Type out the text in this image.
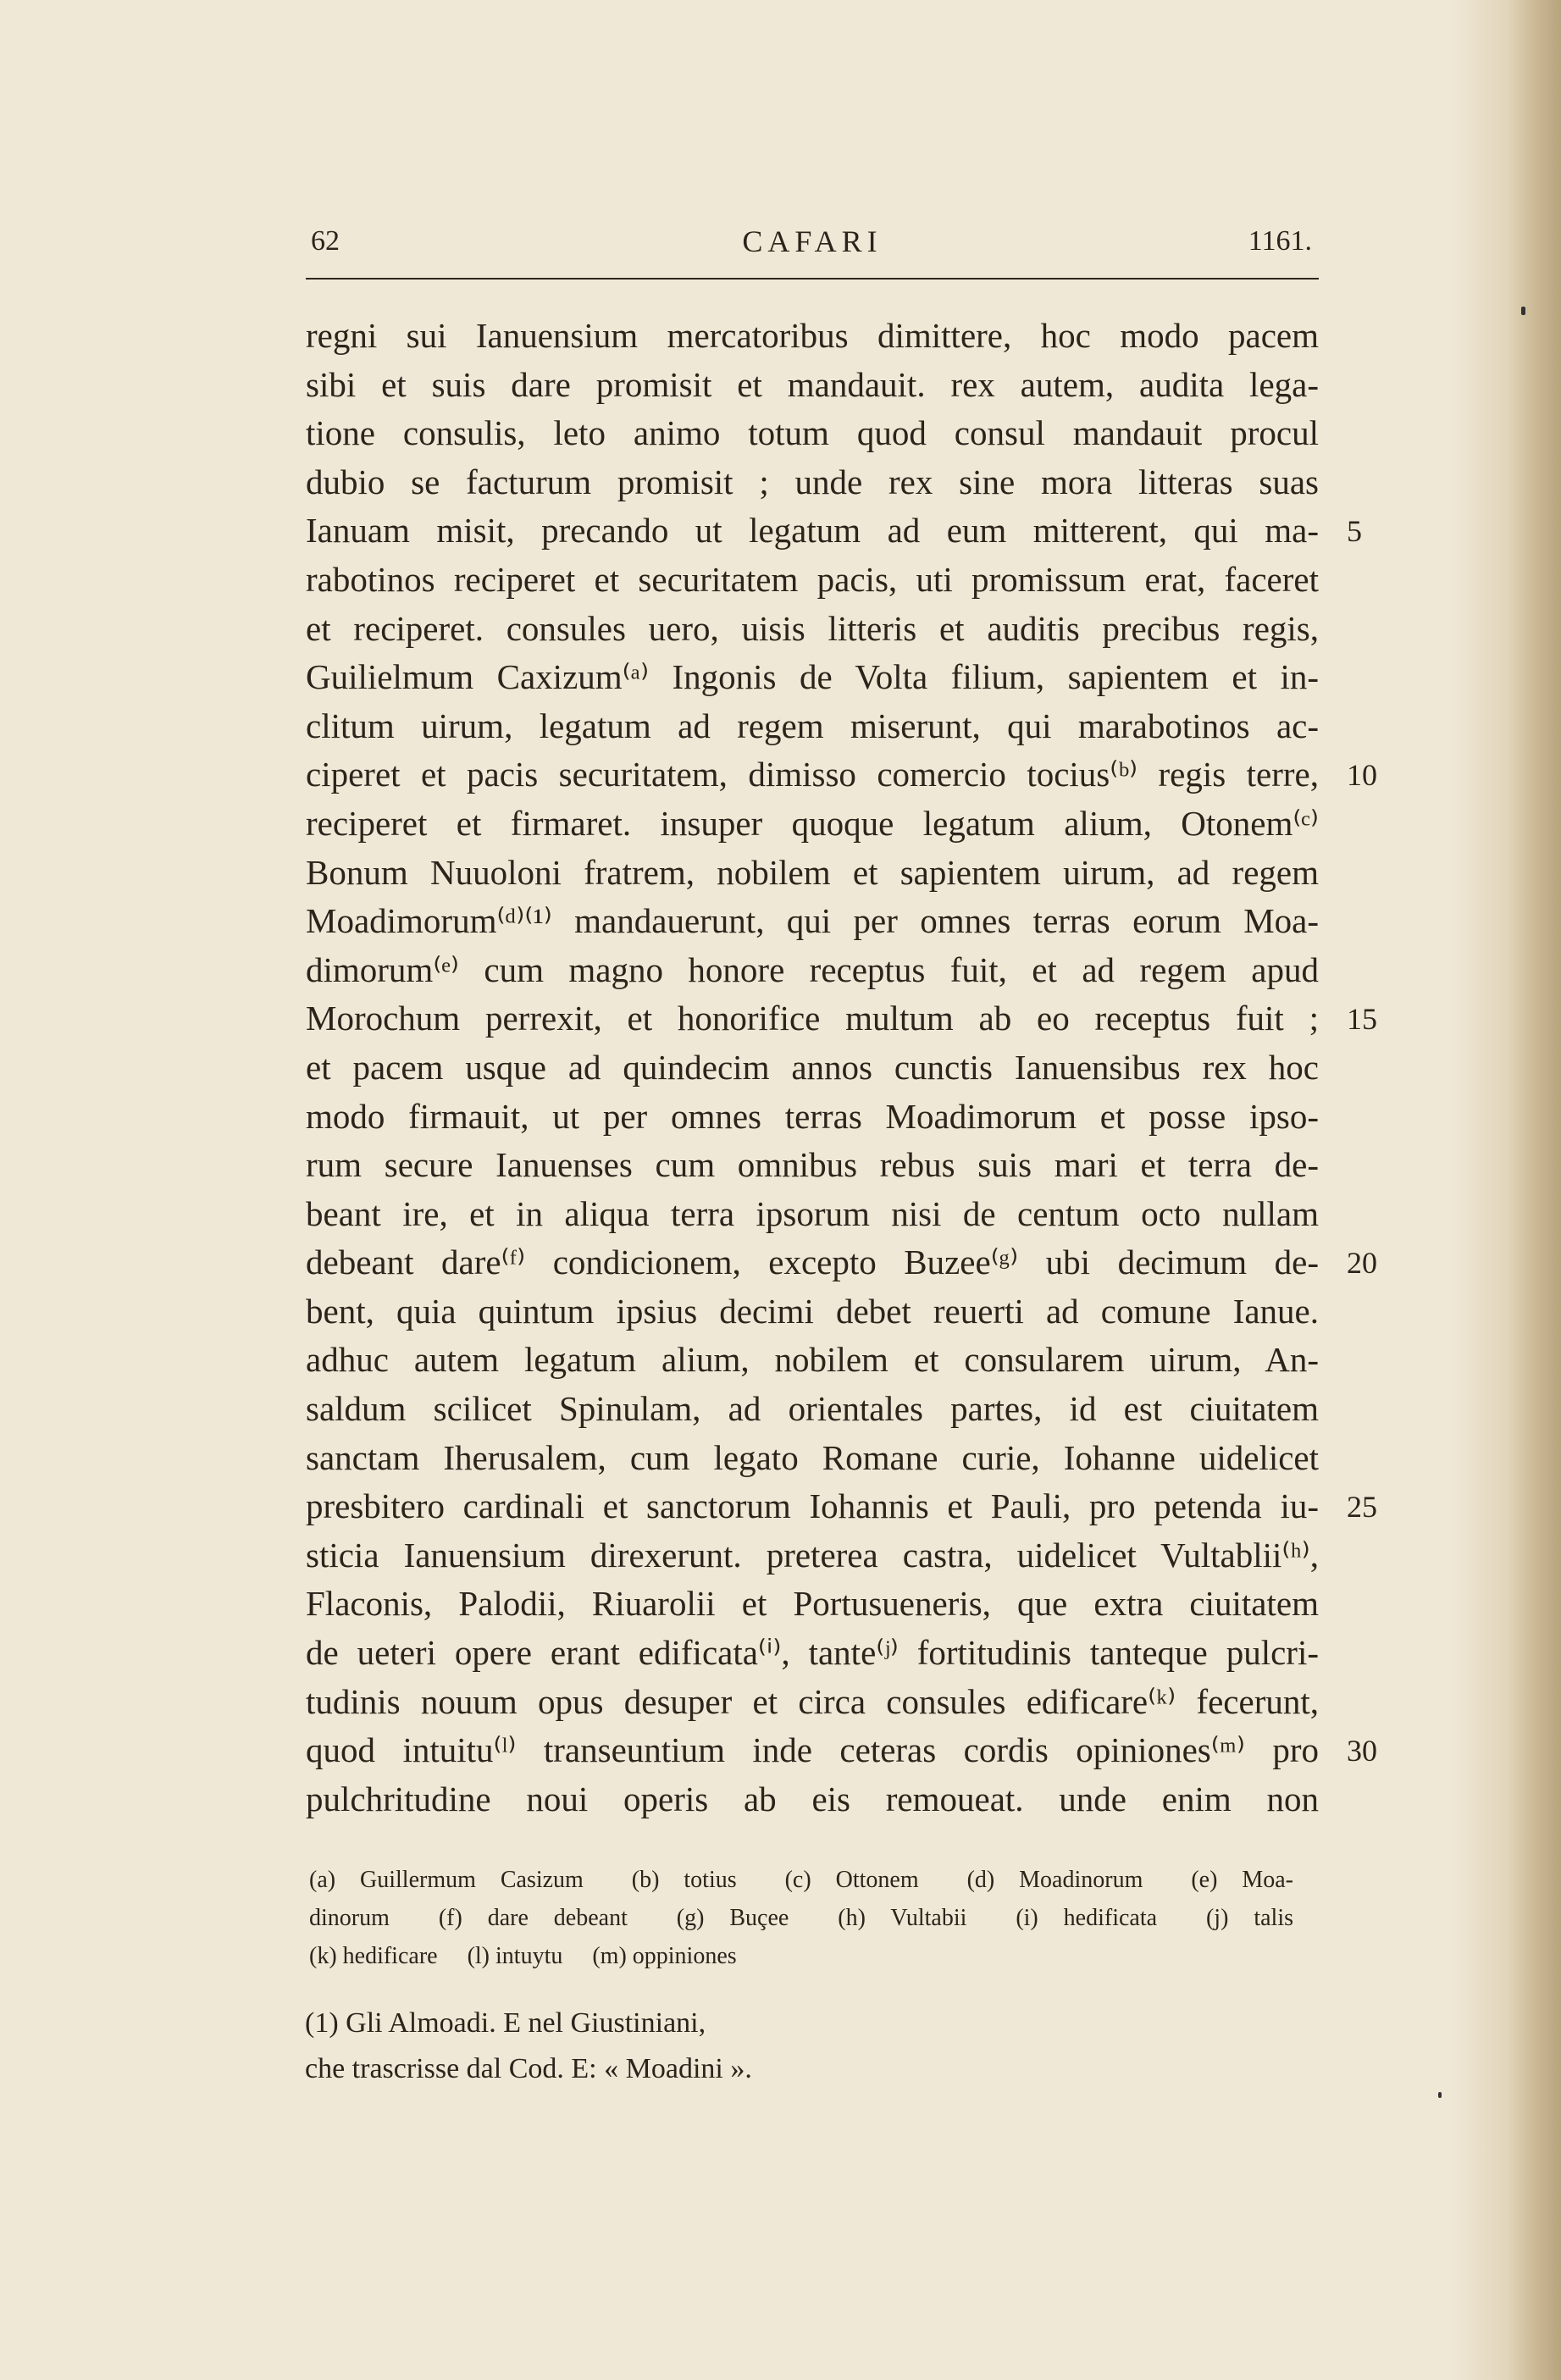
62	CAFARI	1161.
regni sui Ianuensium mercatoribus dimittere, hoc modo pacem
sibi et suis dare promisit et mandauit. rex autem, audita lega-
tione consulis, leto animo totum quod consul mandauit procul
dubio se facturum promisit ; unde rex sine mora litteras suas
Ianuam misit, precando ut legatum ad eum mitterent, qui ma-
rabotinos reciperet et securitatem pacis, uti promissum erat, faceret
et reciperet. consules uero, uisis litteris et auditis precibus regis,
Guilielmum Caxizum⁽ᵃ⁾ Ingonis de Volta filium, sapientem et in-
clitum uirum, legatum ad regem miserunt, qui marabotinos ac-
ciperet et pacis securitatem, dimisso comercio tocius⁽ᵇ⁾ regis terre,
reciperet et firmaret. insuper quoque legatum alium, Otonem⁽ᶜ⁾
Bonum Nuuoloni fratrem, nobilem et sapientem uirum, ad regem
Moadimorum⁽ᵈ⁾⁽¹⁾ mandauerunt, qui per omnes terras eorum Moa-
dimorum⁽ᵉ⁾ cum magno honore receptus fuit, et ad regem apud
Morochum perrexit, et honorifice multum ab eo receptus fuit ;
et pacem usque ad quindecim annos cunctis Ianuensibus rex hoc
modo firmauit, ut per omnes terras Moadimorum et posse ipso-
rum secure Ianuenses cum omnibus rebus suis mari et terra de-
beant ire, et in aliqua terra ipsorum nisi de centum octo nullam
debeant dare⁽ᶠ⁾ condicionem, excepto Buzee⁽ᵍ⁾ ubi decimum de-
bent, quia quintum ipsius decimi debet reuerti ad comune Ianue.
adhuc autem legatum alium, nobilem et consularem uirum, An-
saldum scilicet Spinulam, ad orientales partes, id est ciuitatem
sanctam Iherusalem, cum legato Romane curie, Iohanne uidelicet
presbitero cardinali et sanctorum Iohannis et Pauli, pro petenda iu-
sticia Ianuensium direxerunt. preterea castra, uidelicet Vultablii⁽ʰ⁾,
Flaconis, Palodii, Riuarolii et Portusueneris, que extra ciuitatem
de ueteri opere erant edificata⁽ⁱ⁾, tante⁽ʲ⁾ fortitudinis tanteque pulcri-
tudinis nouum opus desuper et circa consules edificare⁽ᵏ⁾ fecerunt,
quod intuitu⁽ˡ⁾ transeuntium inde ceteras cordis opiniones⁽ᵐ⁾ pro
pulchritudine noui operis ab eis remoueat. unde enim non
5
10
15
20
25
30
(a) Guillermum Casizum (b) totius (c) Ottonem (d) Moadinorum (e) Moa-
dinorum (f) dare debeant (g) Buçee (h) Vultabii (i) hedificata (j) talis
(k) hedificare (l) intuytu (m) oppiniones
(1) Gli Almoadi. E nel Giustiniani,
che trascrisse dal Cod. E: « Moadini ».
